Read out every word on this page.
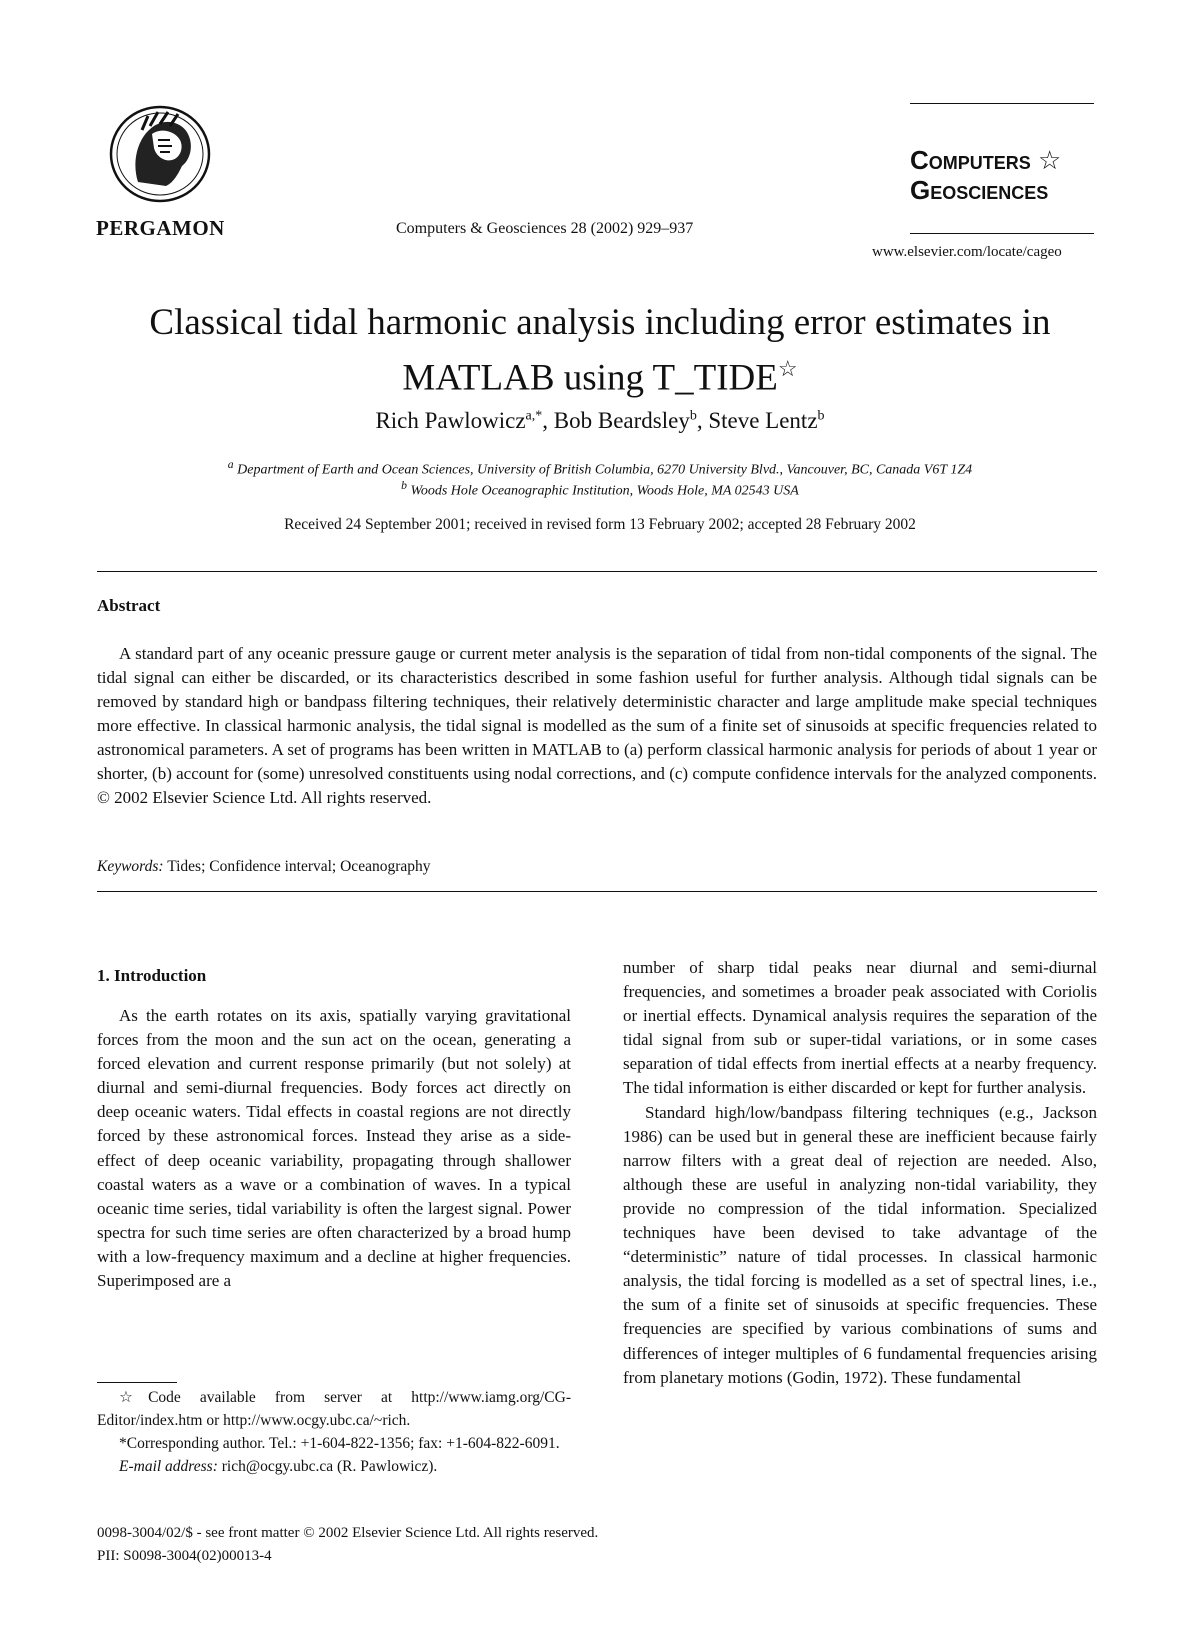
PERGAMON	Computers & Geosciences 28 (2002) 929–937
Computers ☆
Geosciences
www.elsevier.com/locate/cageo
Classical tidal harmonic analysis including error estimates in
MATLAB using T_TIDE☆
Rich Pawlowicz$^{a,*}$, Bob Beardsley$^b$, Steve Lentz$^b$
$^a$ Department of Earth and Ocean Sciences, University of British Columbia, 6270 University Blvd., Vancouver, BC, Canada V6T 1Z4
$^b$ Woods Hole Oceanographic Institution, Woods Hole, MA 02543 USA
Received 24 September 2001; received in revised form 13 February 2002; accepted 28 February 2002
Abstract
A standard part of any oceanic pressure gauge or current meter analysis is the separation of tidal from non-tidal components of the signal. The tidal signal can either be discarded, or its characteristics described in some fashion useful for further analysis. Although tidal signals can be removed by standard high or bandpass filtering techniques, their relatively deterministic character and large amplitude make special techniques more effective. In classical harmonic analysis, the tidal signal is modelled as the sum of a finite set of sinusoids at specific frequencies related to astronomical parameters. A set of programs has been written in MATLAB to (a) perform classical harmonic analysis for periods of about 1 year or shorter, (b) account for (some) unresolved constituents using nodal corrections, and (c) compute confidence intervals for the analyzed components. © 2002 Elsevier Science Ltd. All rights reserved.
Keywords: Tides; Confidence interval; Oceanography
1. Introduction

As the earth rotates on its axis, spatially varying gravitational forces from the moon and the sun act on the ocean, generating a forced elevation and current response primarily (but not solely) at diurnal and semi-diurnal frequencies. Body forces act directly on deep oceanic waters. Tidal effects in coastal regions are not directly forced by these astronomical forces. Instead they arise as a side-effect of deep oceanic variability, propagating through shallower coastal waters as a wave or a combination of waves. In a typical oceanic time series, tidal variability is often the largest signal. Power spectra for such time series are often characterized by a broad hump with a low-frequency maximum and a decline at higher frequencies. Superimposed are a

number of sharp tidal peaks near diurnal and semi-diurnal frequencies, and sometimes a broader peak associated with Coriolis or inertial effects. Dynamical analysis requires the separation of the tidal signal from sub or super-tidal variations, or in some cases separation of tidal effects from inertial effects at a nearby frequency. The tidal information is either discarded or kept for further analysis.

Standard high/low/bandpass filtering techniques (e.g., Jackson 1986) can be used but in general these are inefficient because fairly narrow filters with a great deal of rejection are needed. Also, although these are useful in analyzing non-tidal variability, they provide no compression of the tidal information. Specialized techniques have been devised to take advantage of the “deterministic” nature of tidal processes. In classical harmonic analysis, the tidal forcing is modelled as a set of spectral lines, i.e., the sum of a finite set of sinusoids at specific frequencies. These frequencies are specified by various combinations of sums and differences of integer multiples of 6 fundamental frequencies arising from planetary motions (Godin, 1972). These fundamental

☆Code available from server at http://www.iamg.org/CG-Editor/index.htm or http://www.ocgy.ubc.ca/~rich.

*Corresponding author. Tel.: +1-604-822-1356; fax: +1-604-822-6091.

E-mail address: rich@ocgy.ubc.ca (R. Pawlowicz).

0098-3004/02/$ - see front matter © 2002 Elsevier Science Ltd. All rights reserved.
PII: S0098-3004(02)00013-4
